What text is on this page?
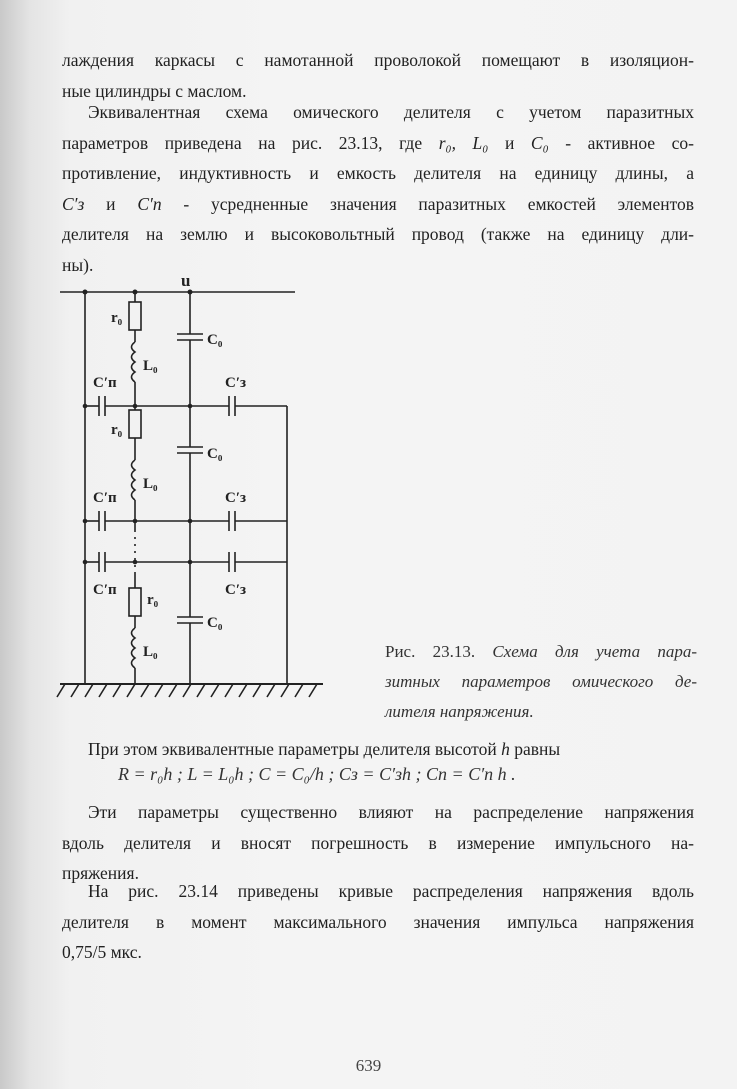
лаждения каркасы с намотанной проволокой помещают в изоляцион-
ные цилиндры с маслом.
Эквивалентная схема омического делителя с учетом паразитных
параметров приведена на рис. 23.13, где r₀, L₀ и C₀ - активное со-
противление, индуктивность и емкость делителя на единицу длины, а
C′з и C′п - усредненные значения паразитных емкостей элементов
делителя на землю и высоковольтный провод (также на единицу дли-
ны).
u
r₀
L₀
C₀
C′п	C′з
r₀
C₀
L₀
C′п	C′з
C′п	C′з
r₀
C₀
L₀	Рис. 23.13. Схема для учета пара-
зитных параметров омического де-
лителя напряжения.
При этом эквивалентные параметры делителя высотой h равны
R = r₀h ; L = L₀h ; C = C₀/h ; Cз = C′зh ; Cп = C′п h .
Эти параметры существенно влияют на распределение напряжения
вдоль делителя и вносят погрешность в измерение импульсного на-
пряжения.
На рис. 23.14 приведены кривые распределения напряжения вдоль
делителя в момент максимального значения импульса напряжения
0,75/5 мкс.
639
